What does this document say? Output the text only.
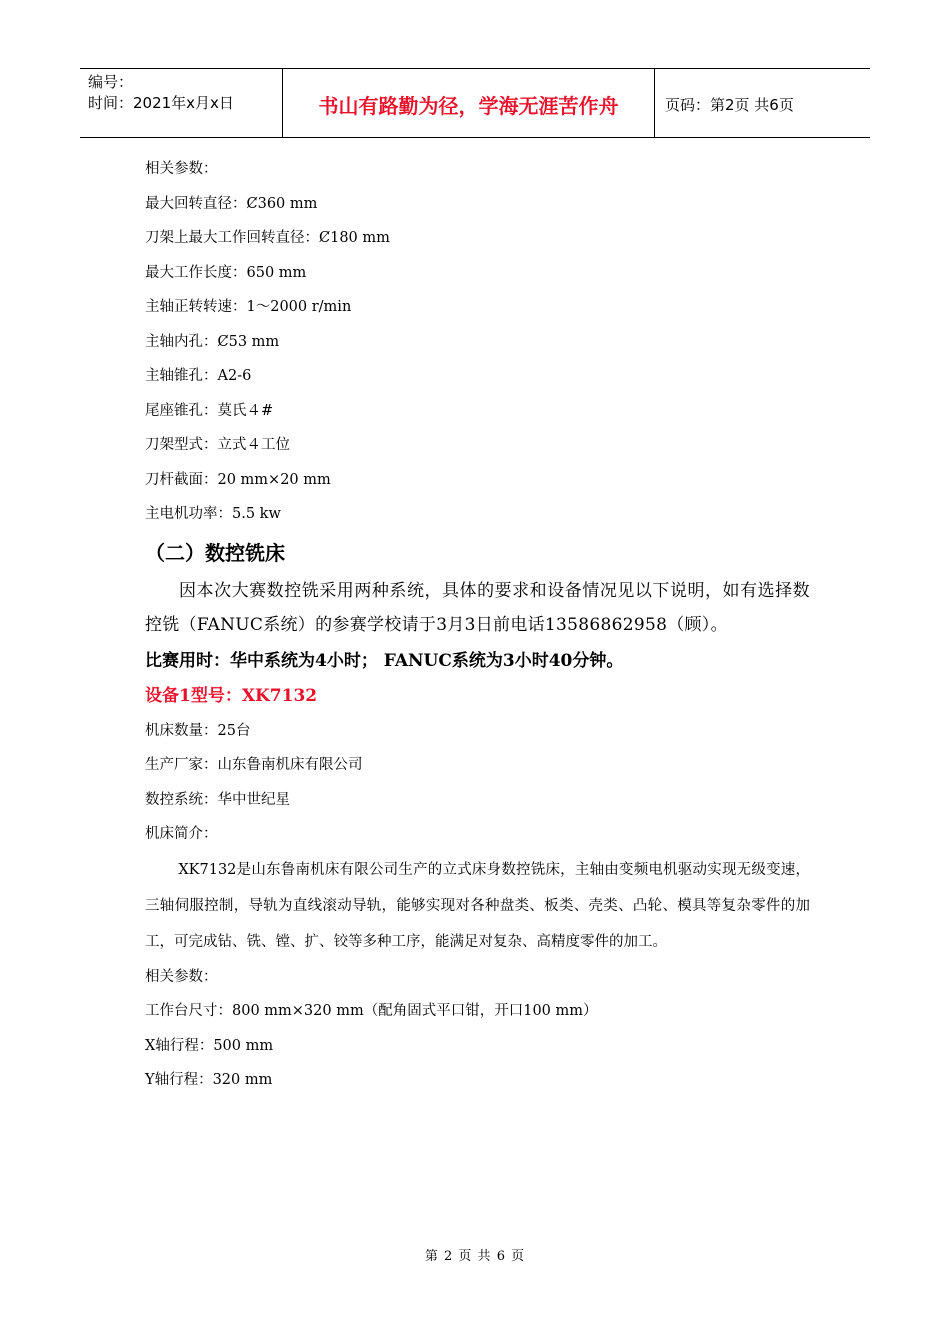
编号：
时间：2021年x月x日	书山有路勤为径，学海无涯苦作舟	页码：第2页 共6页
相关参数：
最大回转直径：Ȼ360 mm
刀架上最大工作回转直径：Ȼ180 mm
最大工作长度：650 mm
主轴正转转速：1～2000 r/min
主轴内孔：Ȼ53 mm
主轴锥孔：A2-6
尾座锥孔：莫氏４#
刀架型式：立式４工位
刀杆截面：20 mm×20 mm
主电机功率：5.5 kw
（二）数控铣床
因本次大赛数控铣采用两种系统，具体的要求和设备情况见以下说明，如有选择数控铣（FANUC系统）的参赛学校请于3月3日前电话13586862958（顾）。
比赛用时：华中系统为4小时； FANUC系统为3小时40分钟。
设备1型号：XK7132
机床数量：25台
生产厂家：山东鲁南机床有限公司
数控系统：华中世纪星
机床简介：
XK7132是山东鲁南机床有限公司生产的立式床身数控铣床，主轴由变频电机驱动实现无级变速，三轴伺服控制，导轨为直线滚动导轨，能够实现对各种盘类、板类、壳类、凸轮、模具等复杂零件的加工，可完成钻、铣、镗、扩、铰等多种工序，能满足对复杂、高精度零件的加工。
相关参数：
工作台尺寸：800 mm×320 mm（配角固式平口钳，开口100 mm）
X轴行程：500 mm
Y轴行程：320 mm
第 2 页 共 6 页
